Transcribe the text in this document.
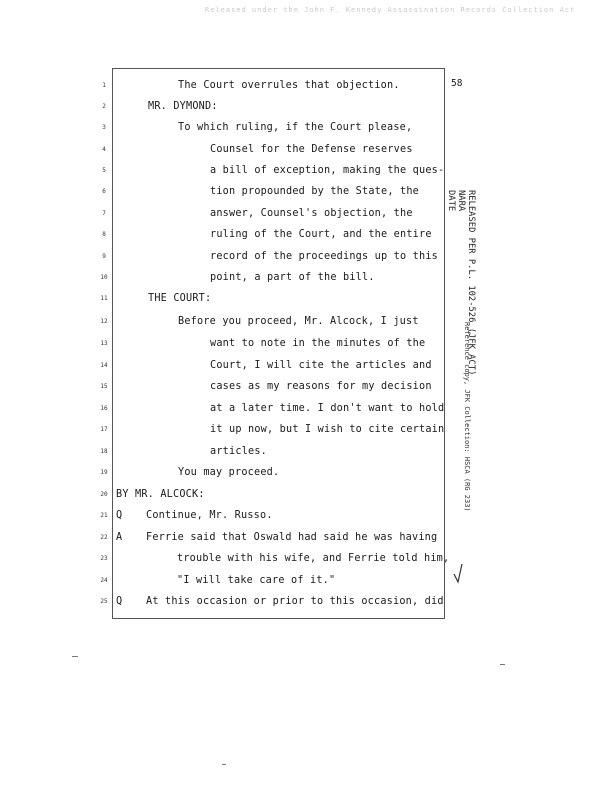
Released under the John F. Kennedy Assassination Records Collection Act
58
1
2
3
4
5
6
7
8
9
10
11
12
13
14
15
16
17
18
19
20
21
22
23
24
25
The Court overrules that objection.
MR. DYMOND:
To which ruling, if the Court please,
Counsel for the Defense reserves
a bill of exception, making the ques-
tion propounded by the State, the
answer, Counsel's objection, the
ruling of the Court, and the entire
record of the proceedings up to this
point, a part of the bill.
THE COURT:
Before you proceed, Mr. Alcock, I just
want to note in the minutes of the
Court, I will cite the articles and
cases as my reasons for my decision
at a later time. I don't want to hold
it up now, but I wish to cite certain
articles.
You may proceed.
BY MR. ALCOCK:
Continue, Mr. Russo.
Ferrie said that Oswald had said he was having
trouble with his wife, and Ferrie told him,
"I will take care of it."
At this occasion or prior to this occasion, did
Q
A
Q
RELEASED PER P.L. 102-526 (JFK ACT)
NARA
DATE
Reference copy, JFK Collection: HSCA (RG 233)
